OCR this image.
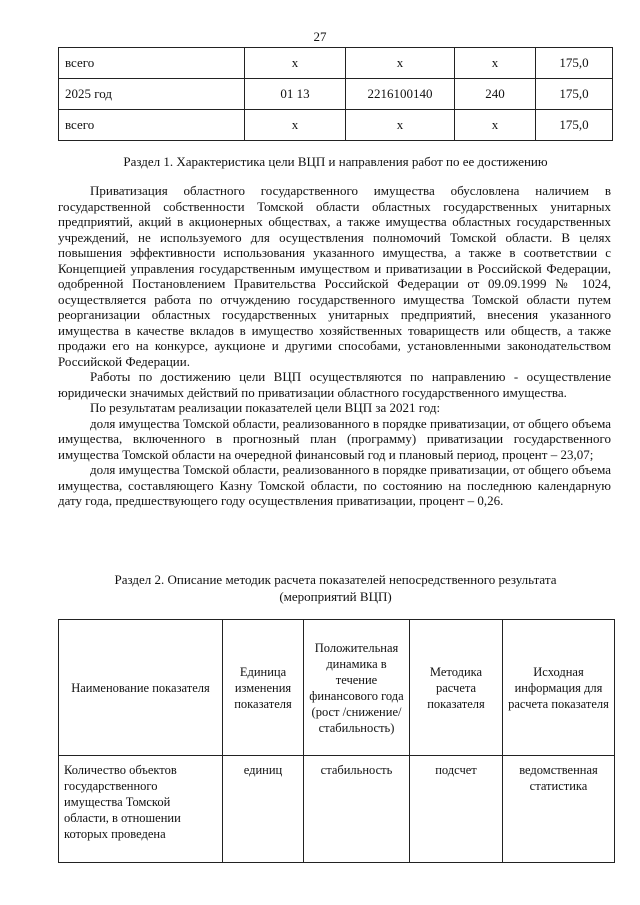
27
всего	x	x	x	175,0
2025 год	01 13	2216100140	240	175,0
всего	x	x	x	175,0
Раздел 1. Характеристика цели ВЦП и направления работ по ее достижению

Приватизация областного государственного имущества обусловлена наличием в государственной собственности Томской области областных государственных унитарных предприятий, акций в акционерных обществах, а также имущества областных государственных учреждений, не используемого для осуществления полномочий Томской области. В целях повышения эффективности использования указанного имущества, а также в соответствии с Концепцией управления государственным имуществом и приватизации в Российской Федерации, одобренной Постановлением Правительства Российской Федерации от 09.09.1999 № 1024, осуществляется работа по отчуждению государственного имущества Томской области путем реорганизации областных государственных унитарных предприятий, внесения указанного имущества в качестве вкладов в имущество хозяйственных товариществ или обществ, а также продажи его на конкурсе, аукционе и другими способами, установленными законодательством Российской Федерации.

Работы по достижению цели ВЦП осуществляются по направлению - осуществление юридически значимых действий по приватизации областного государственного имущества.

По результатам реализации показателей цели ВЦП за 2021 год:

доля имущества Томской области, реализованного в порядке приватизации, от общего объема имущества, включенного в прогнозный план (программу) приватизации государственного имущества Томской области на очередной финансовый год и плановый период, процент – 23,07;

доля имущества Томской области, реализованного в порядке приватизации, от общего объема имущества, составляющего Казну Томской области, по состоянию на последнюю календарную дату года, предшествующего году осуществления приватизации, процент – 0,26.

Раздел 2. Описание методик расчета показателей непосредственного результата
(мероприятий ВЦП)
Наименование показателя	Единица изменения показателя	Положительная динамика в течение финансового года (рост /снижение/ стабильность)	Методика расчета показателя	Исходная информация для расчета показателя
Количество объектов государственного имущества Томской области, в отношении которых проведена	единиц	стабильность	подсчет	ведомственная статистика
